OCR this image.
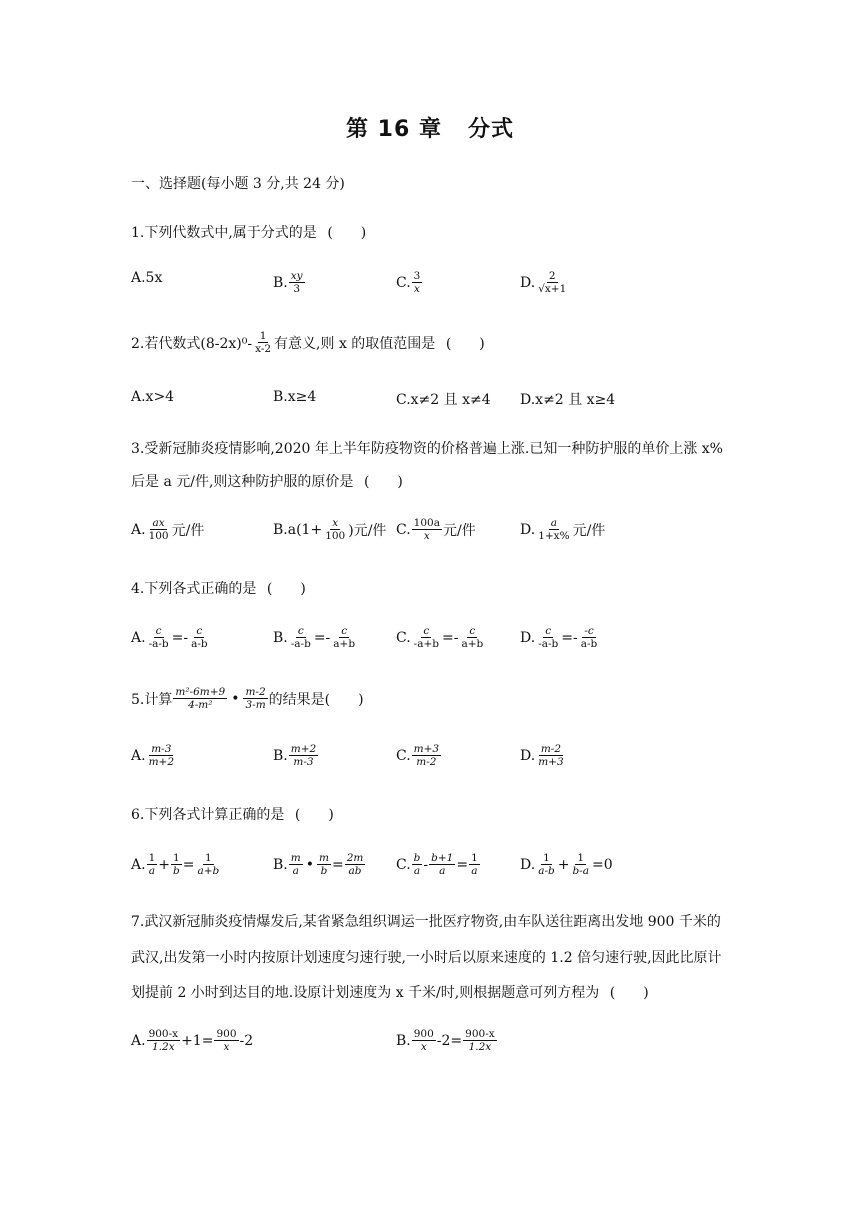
第 16 章 分式
一、选择题(每小题 3 分,共 24 分)
1.下列代数式中,属于分式的是 (　　)
A.5x	B. $\frac{xy}{3}$	C. $\frac{3}{x}$	D. $\frac{2}{√x+1}$
2.若代数式$(8-2x)^0- \frac{1}{x-2}$ 有意义,则 x 的取值范围是 (　　)
A.x>4	B.x≥4	C.x≠2 且 x≠4 D.x≠2 且 x≥4
3.受新冠肺炎疫情影响,2020 年上半年防疫物资的价格普遍上涨.已知一种防护服的单价上涨 x%
后是 a 元/件,则这种防护服的原价是 (　　)
A. $\frac{ax}{100}$ 元/件	$B.a(1+ \frac{x}{100}$ )元/件 C. $\frac{100a}{x}$ 元/件	D. $\frac{a}{1+x\%}$ 元/件
4.下列各式正确的是 (　　)
A. $\frac{c}{-a-b} =- \frac{c}{a-b}$	B. $\frac{c}{-a-b} =- \frac{c}{a+b}$	C. $\frac{c}{-a+b} =- \frac{c}{a+b} D$. $\frac{c}{-a-b} =- \frac{-c}{a-b}$
5.计算 $\frac{\text{m²-6m+9}}{\text{4-m²}}$ • $\frac{m-2}{3-m}$ 的结果是(　　)
A. $\frac{m-3}{m+2}$	B. $\frac{m+2}{m-3}$	C. $\frac{m+3}{m-2}$	D. $\frac{m-2}{m+3}$
6.下列各式计算正确的是 (　　)
A. $\frac{1}{a} + \frac{1}{b} = \frac{1}{a+b}$	B. $\frac{m}{a}$ • $\frac{m}{b} = \frac{2m}{ab} C$. $\frac{b}{a} - \frac{b+1}{a} = \frac{1}{a}$	D. $\frac{1}{a-b} + \frac{1}{b-a} =0$
7.武汉新冠肺炎疫情爆发后,某省紧急组织调运一批医疗物资,由车队送往距离出发地 900 千米的
武汉,出发第一小时内按原计划速度匀速行驶,一小时后以原来速度的 1.2 倍匀速行驶,因此比原计
划提前 2 小时到达目的地.设原计划速度为 x 千米/时,则根据题意可列方程为 (　　)
A. $\frac{900-x}{1.2x} +1= \frac{900}{x} -2$	B. $\frac{900}{x} -2= \frac{900-x}{1.2x}$
